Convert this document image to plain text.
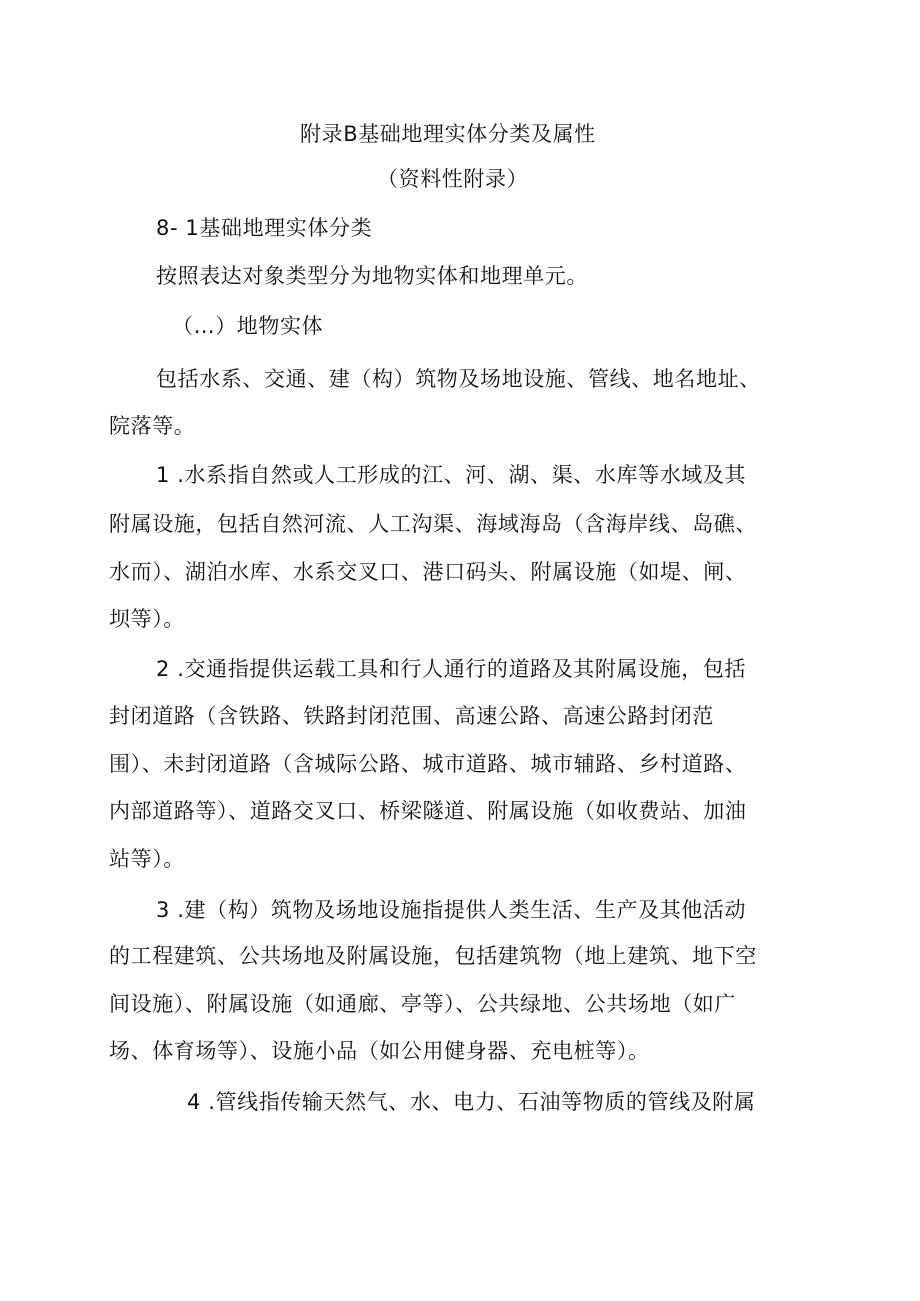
附录B基础地理实体分类及属性
（资料性附录）
8- 1基础地理实体分类
按照表达对象类型分为地物实体和地理单元。
（…）地物实体
包括水系、交通、建（构）筑物及场地设施、管线、地名地址、
院落等。
1 .水系指自然或人工形成的江、河、湖、渠、水库等水域及其
附属设施，包括自然河流、人工沟渠、海域海岛（含海岸线、岛礁、
水而）、湖泊水库、水系交叉口、港口码头、附属设施（如堤、闸、
坝等）。
2 .交通指提供运载工具和行人通行的道路及其附属设施，包括
封闭道路（含铁路、铁路封闭范围、高速公路、高速公路封闭范
围）、未封闭道路（含城际公路、城市道路、城市辅路、乡村道路、
内部道路等）、道路交叉口、桥梁隧道、附属设施（如收费站、加油
站等）。
3 .建（构）筑物及场地设施指提供人类生活、生产及其他活动
的工程建筑、公共场地及附属设施，包括建筑物（地上建筑、地下空
间设施）、附属设施（如通廊、亭等）、公共绿地、公共场地（如广
场、体育场等）、设施小品（如公用健身器、充电桩等）。
4 .管线指传输天然气、水、电力、石油等物质的管线及附属
